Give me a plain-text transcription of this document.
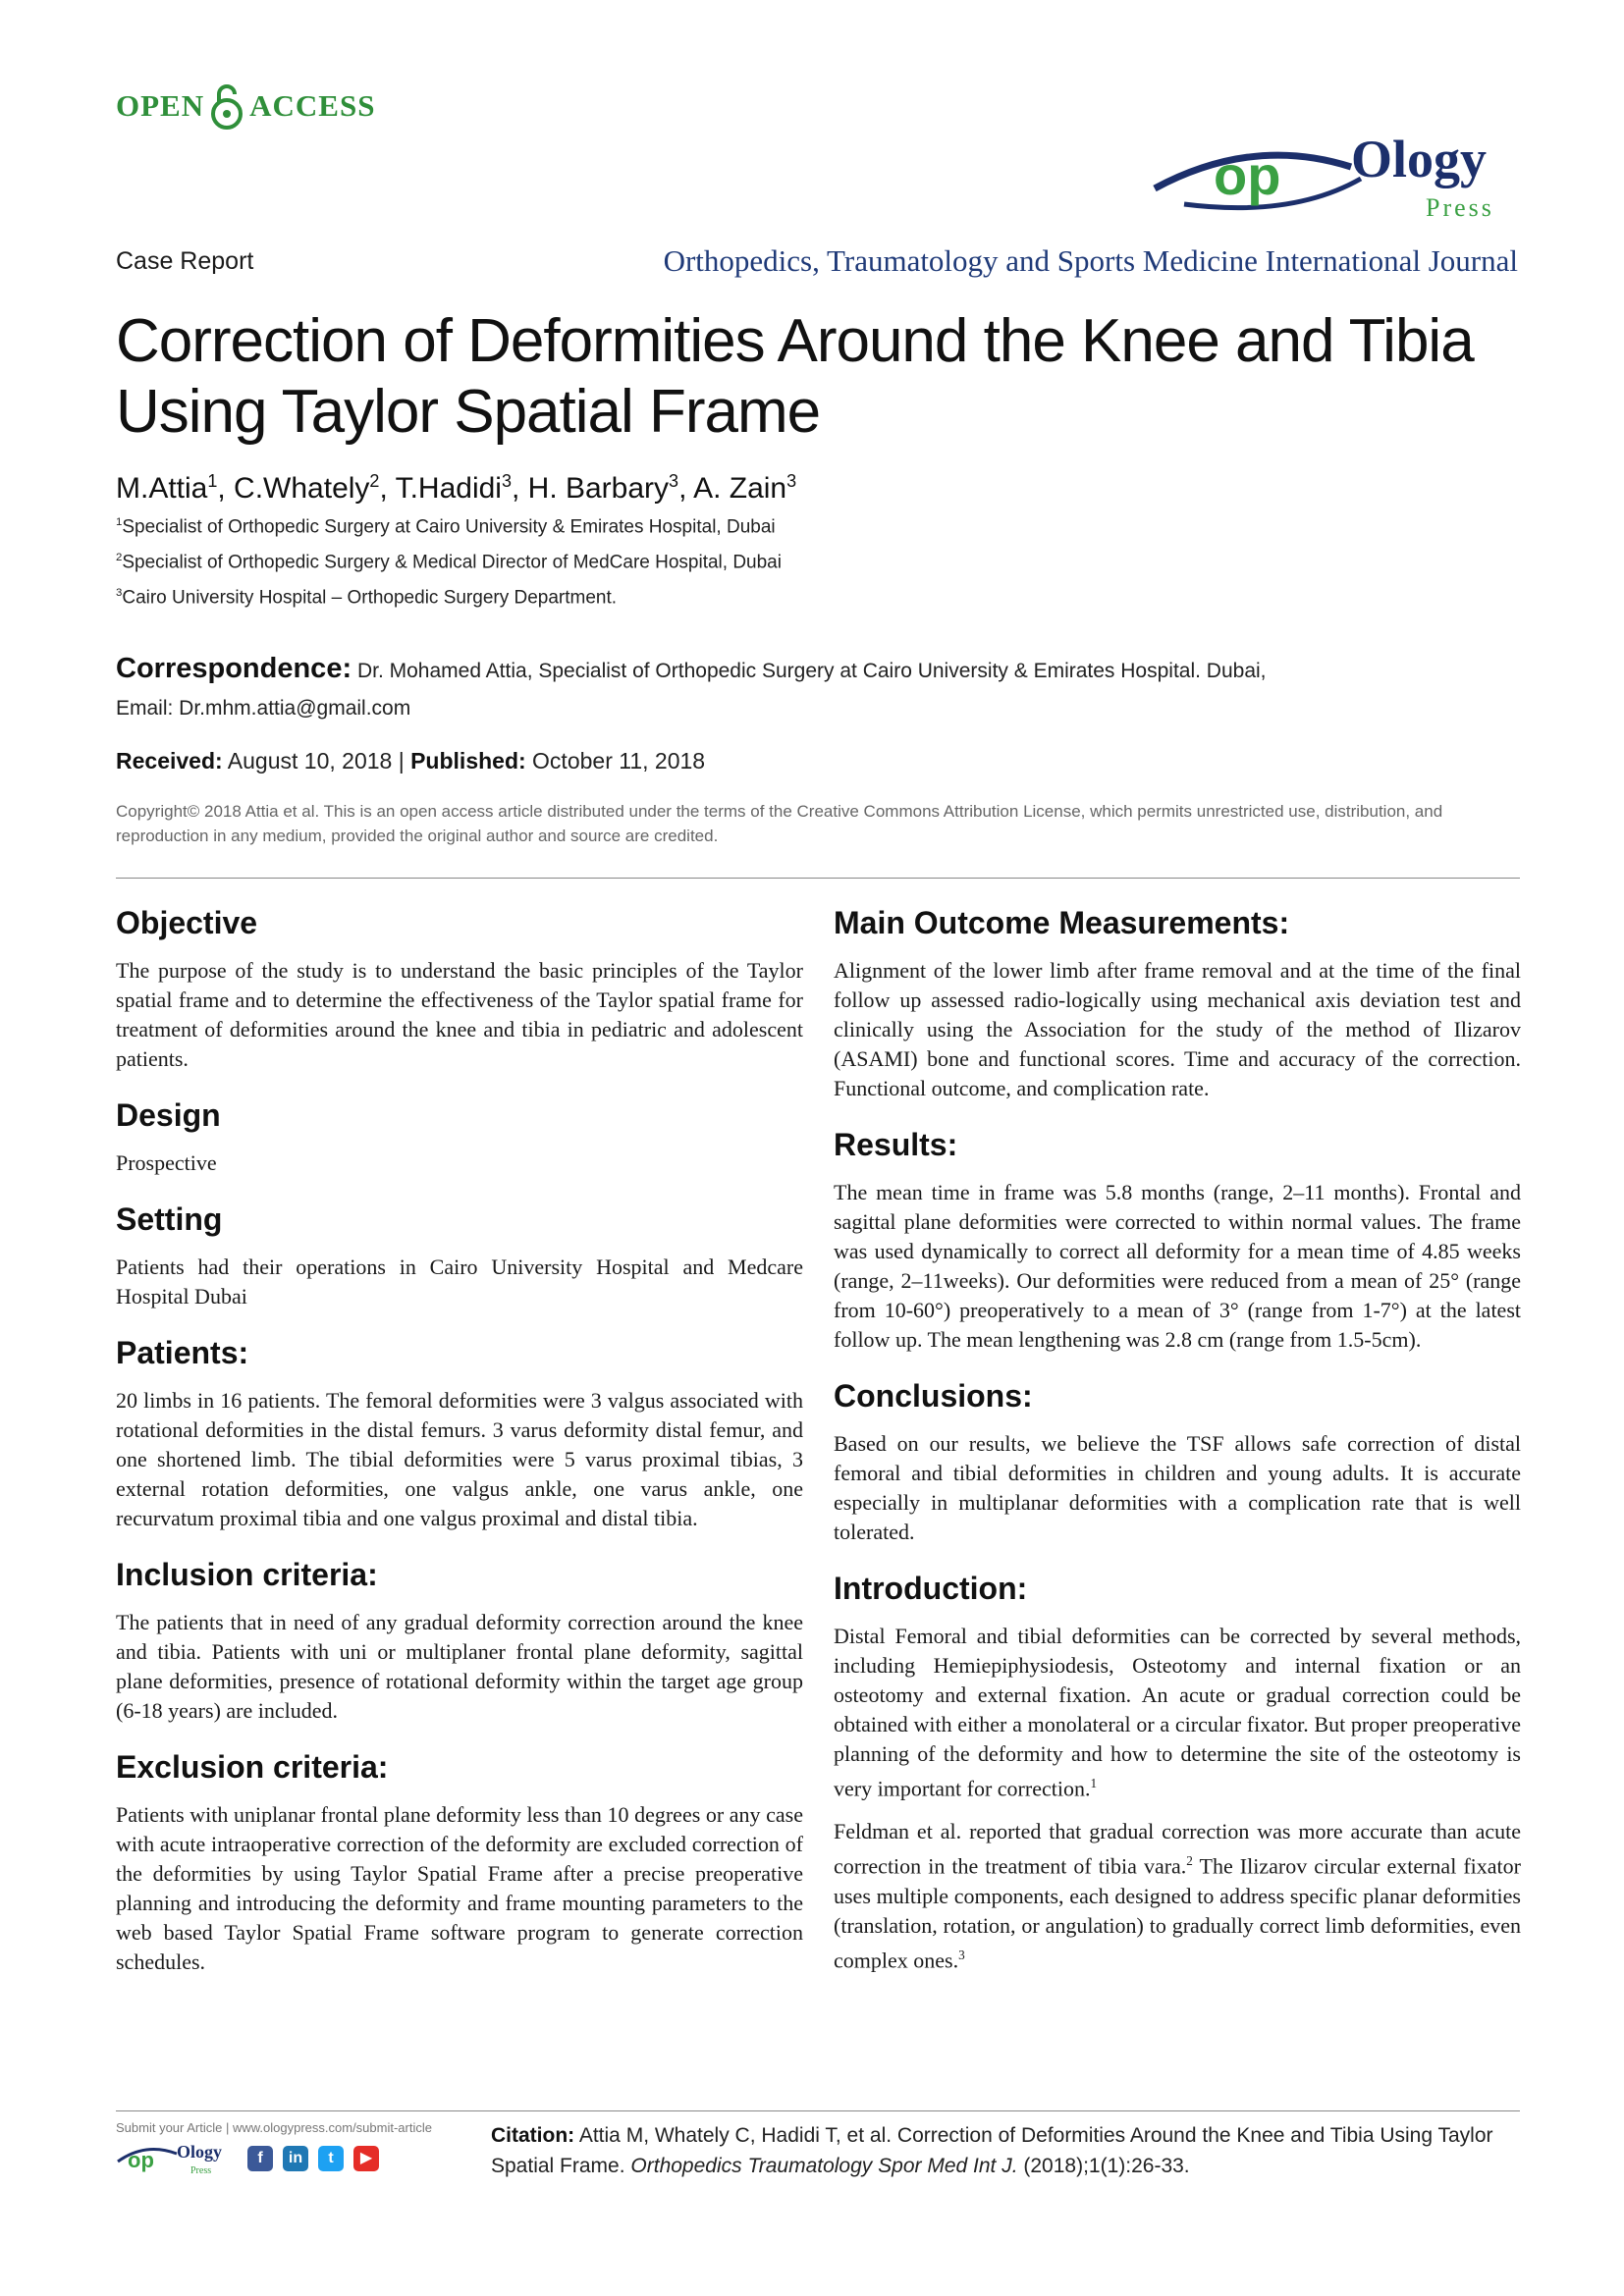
OPEN ACCESS
op Ology
Press
Case Report	Orthopedics, Traumatology and Sports Medicine International Journal
Correction of Deformities Around the Knee and Tibia Using Taylor Spatial Frame
M.Attia$^1$, C.Whately$^2$, T.Hadidi$^3$, H. Barbary$^3$, A. Zain$^3$
$^1$Specialist of Orthopedic Surgery at Cairo University & Emirates Hospital, Dubai
$^2$Specialist of Orthopedic Surgery & Medical Director of MedCare Hospital, Dubai
$^3$Cairo University Hospital – Orthopedic Surgery Department.
Correspondence: Dr. Mohamed Attia, Specialist of Orthopedic Surgery at Cairo University & Emirates Hospital. Dubai,
Email: Dr.mhm.attia@gmail.com
Received: August 10, 2018 | Published: October 11, 2018
Copyright© 2018 Attia et al. This is an open access article distributed under the terms of the Creative Commons Attribution License, which permits unrestricted use, distribution, and reproduction in any medium, provided the original author and source are credited.
Objective

The purpose of the study is to understand the basic principles of the Taylor spatial frame and to determine the effectiveness of the Taylor spatial frame for treatment of deformities around the knee and tibia in pediatric and adolescent patients.

Design

Prospective

Setting

Patients had their operations in Cairo University Hospital and Medcare Hospital Dubai

Patients:

20 limbs in 16 patients. The femoral deformities were 3 valgus associated with rotational deformities in the distal femurs. 3 varus deformity distal femur, and one shortened limb. The tibial deformities were 5 varus proximal tibias, 3 external rotation deformities, one valgus ankle, one varus ankle, one recurvatum proximal tibia and one valgus proximal and distal tibia.

Inclusion criteria:

The patients that in need of any gradual deformity correction around the knee and tibia. Patients with uni or multiplaner frontal plane deformity, sagittal plane deformities, presence of rotational deformity within the target age group (6-18 years) are included.

Exclusion criteria:

Patients with uniplanar frontal plane deformity less than 10 degrees or any case with acute intraoperative correction of the deformity are excluded correction of the deformities by using Taylor Spatial Frame after a precise preoperative planning and introducing the deformity and frame mounting parameters to the web based Taylor Spatial Frame software program to generate correction schedules.

Main Outcome Measurements:

Alignment of the lower limb after frame removal and at the time of the final follow up assessed radio-logically using mechanical axis deviation test and clinically using the Association for the study of the method of Ilizarov (ASAMI) bone and functional scores. Time and accuracy of the correction. Functional outcome, and complication rate.

Results:

The mean time in frame was 5.8 months (range, 2–11 months). Frontal and sagittal plane deformities were corrected to within normal values. The frame was used dynamically to correct all deformity for a mean time of 4.85 weeks (range, 2–11weeks). Our deformities were reduced from a mean of 25° (range from 10-60°) preoperatively to a mean of 3° (range from 1-7°) at the latest follow up. The mean lengthening was 2.8 cm (range from 1.5-5cm).

Conclusions:

Based on our results, we believe the TSF allows safe correction of distal femoral and tibial deformities in children and young adults. It is accurate especially in multiplanar deformities with a complication rate that is well tolerated.

Introduction:

Distal Femoral and tibial deformities can be corrected by several methods, including Hemiepiphysiodesis, Osteotomy and internal fixation or an osteotomy and external fixation. An acute or gradual correction could be obtained with either a monolateral or a circular fixator. But proper preoperative planning of the deformity and how to determine the site of the osteotomy is very important for correction.$^1$

Feldman et al. reported that gradual correction was more accurate than acute correction in the treatment of tibia vara.$^2$ The Ilizarov circular external fixator uses multiple components, each designed to address specific planar deformities (translation, rotation, or angulation) to gradually correct limb deformities, even complex ones.$^3$

Submit your Article | www.ologypress.com/submit-article
op Ology
Press
f	in	t	▶
Citation: Attia M, Whately C, Hadidi T, et al. Correction of Deformities Around the Knee and Tibia Using Taylor Spatial Frame. Orthopedics Traumatology Spor Med Int J. (2018);1(1):26-33.
